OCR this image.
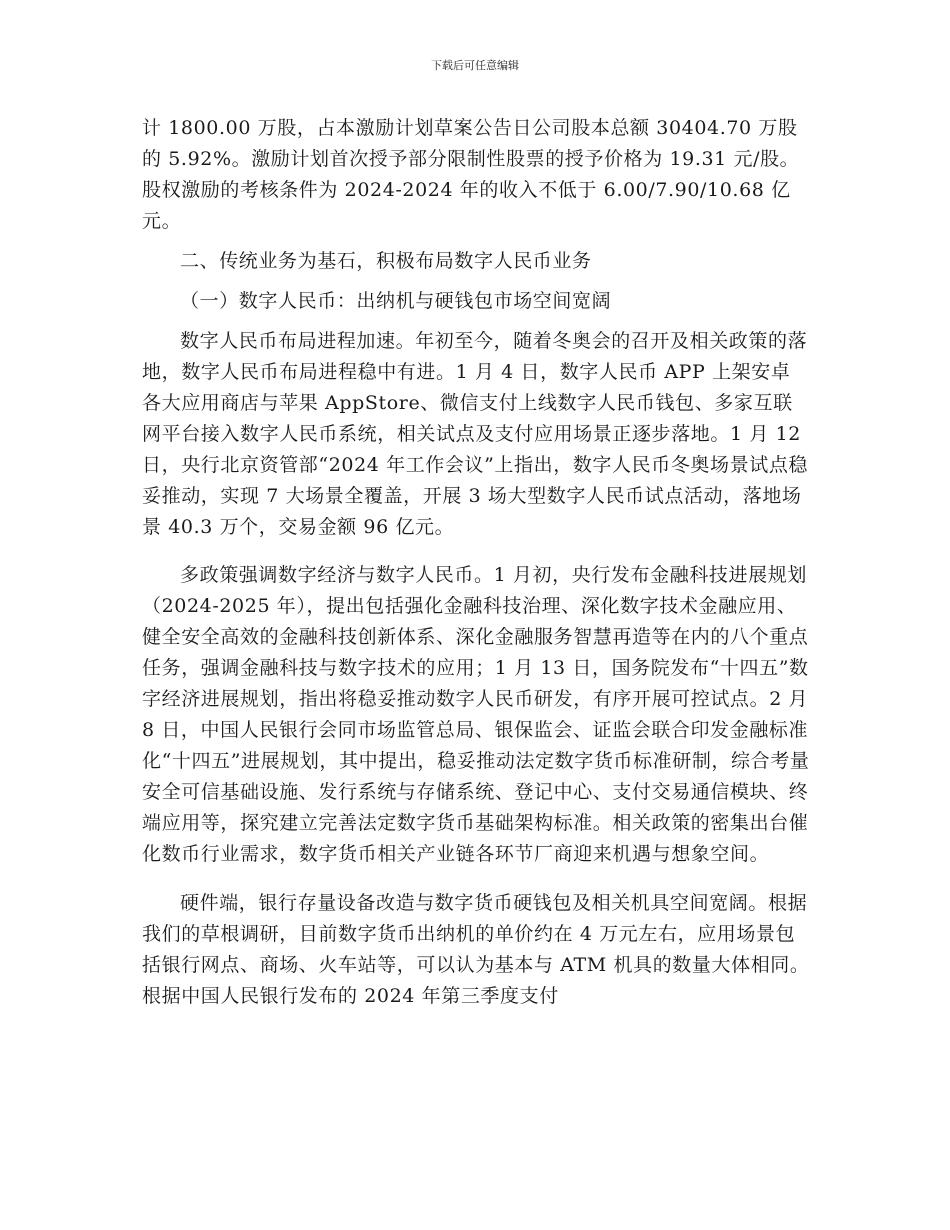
下载后可任意编辑

计 1800.00 万股，占本激励计划草案公告日公司股本总额 30404.70 万股的 5.92%。激励计划首次授予部分限制性股票的授予价格为 19.31 元/股。股权激励的考核条件为 2024-2024 年的收入不低于 6.00/7.90/10.68 亿元。

二、传统业务为基石，积极布局数字人民币业务

（一）数字人民币：出纳机与硬钱包市场空间宽阔

数字人民币布局进程加速。年初至今，随着冬奥会的召开及相关政策的落地，数字人民币布局进程稳中有进。1 月 4 日，数字人民币 APP 上架安卓各大应用商店与苹果 AppStore、微信支付上线数字人民币钱包、多家互联网平台接入数字人民币系统，相关试点及支付应用场景正逐步落地。1 月 12 日，央行北京资管部“2024 年工作会议”上指出，数字人民币冬奥场景试点稳妥推动，实现 7 大场景全覆盖，开展 3 场大型数字人民币试点活动，落地场景 40.3 万个，交易金额 96 亿元。

多政策强调数字经济与数字人民币。1 月初，央行发布金融科技进展规划 （2024-2025 年），提出包括强化金融科技治理、深化数字技术金融应用、健全安全高效的金融科技创新体系、深化金融服务智慧再造等在内的八个重点任务，强调金融科技与数字技术的应用；1 月 13 日，国务院发布“十四五”数字经济进展规划，指出将稳妥推动数字人民币研发，有序开展可控试点。2 月 8 日，中国人民银行会同市场监管总局、银保监会、证监会联合印发金融标准化“十四五”进展规划，其中提出，稳妥推动法定数字货币标准研制，综合考量安全可信基础设施、发行系统与存储系统、登记中心、支付交易通信模块、终端应用等，探究建立完善法定数字货币基础架构标准。相关政策的密集出台催化数币行业需求，数字货币相关产业链各环节厂商迎来机遇与想象空间。

硬件端，银行存量设备改造与数字货币硬钱包及相关机具空间宽阔。根据我们的草根调研，目前数字货币出纳机的单价约在 4 万元左右，应用场景包括银行网点、商场、火车站等，可以认为基本与 ATM 机具的数量大体相同。根据中国人民银行发布的 2024 年第三季度支付
